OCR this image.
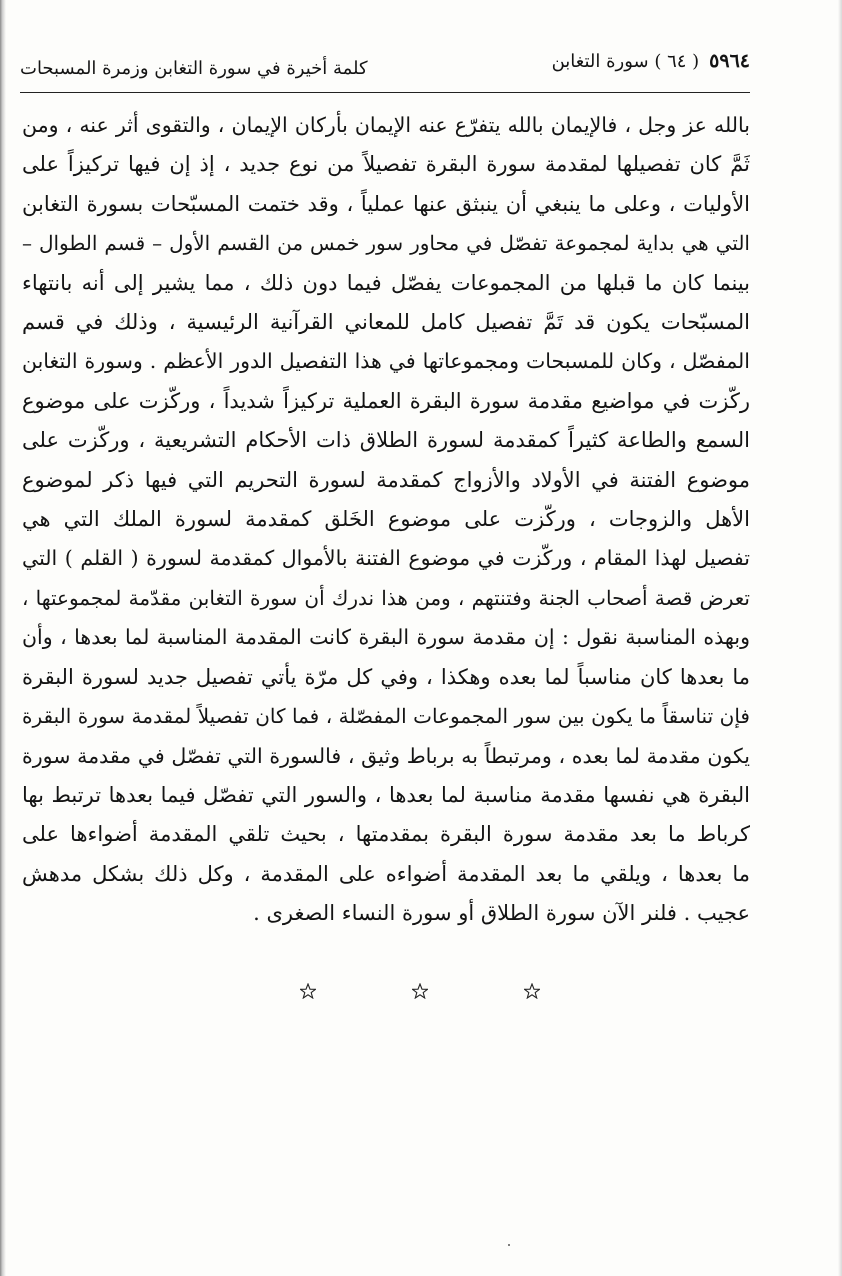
٥٩٦٤
( ٦٤ ) سورة التغابن
كلمة أخيرة في سورة التغابن وزمرة المسبحات
بالله عز وجل ، فالإيمان بالله يتفرّع عنه الإيمان بأركان الإيمان ، والتقوى أثر عنه ، ومن
ثَمَّ كان تفصيلها لمقدمة سورة البقرة تفصيلاً من نوع جديد ، إذ إن فيها تركيزاً على
الأوليات ، وعلى ما ينبغي أن ينبثق عنها عملياً ، وقد ختمت المسبّحات بسورة التغابن
التي هي بداية لمجموعة تفصّل في محاور سور خمس من القسم الأول – قسم الطوال –
بينما كان ما قبلها من المجموعات يفصّل فيما دون ذلك ، مما يشير إلى أنه بانتهاء
المسبّحات يكون قد تَمَّ تفصيل كامل للمعاني القرآنية الرئيسية ، وذلك في قسم
المفصّل ، وكان للمسبحات ومجموعاتها في هذا التفصيل الدور الأعظم . وسورة التغابن
ركّزت في مواضيع مقدمة سورة البقرة العملية تركيزاً شديداً ، وركّزت على موضوع
السمع والطاعة كثيراً كمقدمة لسورة الطلاق ذات الأحكام التشريعية ، وركّزت على
موضوع الفتنة في الأولاد والأزواج كمقدمة لسورة التحريم التي فيها ذكر لموضوع
الأهل والزوجات ، وركّزت على موضوع الخَلق كمقدمة لسورة الملك التي هي
تفصيل لهذا المقام ، وركّزت في موضوع الفتنة بالأموال كمقدمة لسورة ( القلم ) التي
تعرض قصة أصحاب الجنة وفتنتهم ، ومن هذا ندرك أن سورة التغابن مقدّمة لمجموعتها ،
وبهذه المناسبة نقول : إن مقدمة سورة البقرة كانت المقدمة المناسبة لما بعدها ، وأن
ما بعدها كان مناسباً لما بعده وهكذا ، وفي كل مرّة يأتي تفصيل جديد لسورة البقرة
فإن تناسقاً ما يكون بين سور المجموعات المفصّلة ، فما كان تفصيلاً لمقدمة سورة البقرة
يكون مقدمة لما بعده ، ومرتبطاً به برباط وثيق ، فالسورة التي تفصّل في مقدمة سورة
البقرة هي نفسها مقدمة مناسبة لما بعدها ، والسور التي تفصّل فيما بعدها ترتبط بها
كرباط ما بعد مقدمة سورة البقرة بمقدمتها ، بحيث تلقي المقدمة أضواءها على
ما بعدها ، ويلقي ما بعد المقدمة أضواءه على المقدمة ، وكل ذلك بشكل مدهش
عجيب . فلنر الآن سورة الطلاق أو سورة النساء الصغرى .
